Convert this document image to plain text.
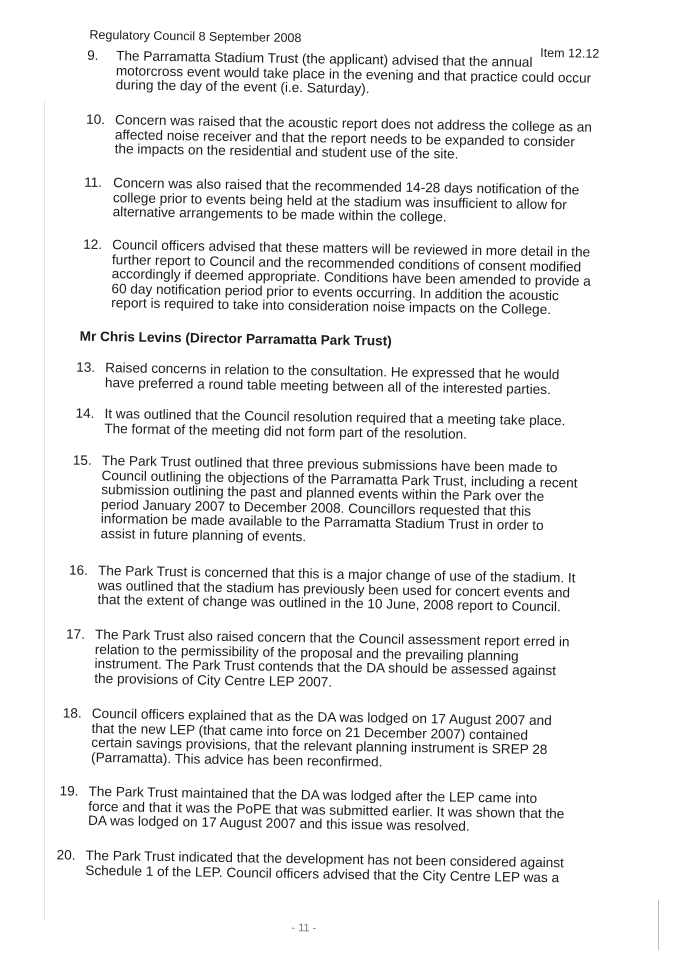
Regulatory Council 8 September 2008
Item 12.12
9.	The Parramatta Stadium Trust (the applicant) advised that the annual motorcross event would take place in the evening and that practice could occur during the day of the event (i.e. Saturday).
10. Concern was raised that the acoustic report does not address the college as an affected noise receiver and that the report needs to be expanded to consider the impacts on the residential and student use of the site.
11. Concern was also raised that the recommended 14-28 days notification of the college prior to events being held at the stadium was insufficient to allow for alternative arrangements to be made within the college.
12. Council officers advised that these matters will be reviewed in more detail in the further report to Council and the recommended conditions of consent modified accordingly if deemed appropriate. Conditions have been amended to provide a 60 day notification period prior to events occurring. In addition the acoustic report is required to take into consideration noise impacts on the College.
Mr Chris Levins (Director Parramatta Park Trust)
13. Raised concerns in relation to the consultation. He expressed that he would have preferred a round table meeting between all of the interested parties.
14. It was outlined that the Council resolution required that a meeting take place. The format of the meeting did not form part of the resolution.
15. The Park Trust outlined that three previous submissions have been made to Council outlining the objections of the Parramatta Park Trust, including a recent submission outlining the past and planned events within the Park over the period January 2007 to December 2008. Councillors requested that this information be made available to the Parramatta Stadium Trust in order to assist in future planning of events.
16. The Park Trust is concerned that this is a major change of use of the stadium. It was outlined that the stadium has previously been used for concert events and that the extent of change was outlined in the 10 June, 2008 report to Council.
17. The Park Trust also raised concern that the Council assessment report erred in relation to the permissibility of the proposal and the prevailing planning instrument. The Park Trust contends that the DA should be assessed against the provisions of City Centre LEP 2007.
18. Council officers explained that as the DA was lodged on 17 August 2007 and that the new LEP (that came into force on 21 December 2007) contained certain savings provisions, that the relevant planning instrument is SREP 28 (Parramatta). This advice has been reconfirmed.
19. The Park Trust maintained that the DA was lodged after the LEP came into force and that it was the PoPE that was submitted earlier. It was shown that the DA was lodged on 17 August 2007 and this issue was resolved.
20. The Park Trust indicated that the development has not been considered against Schedule 1 of the LEP. Council officers advised that the City Centre LEP was a
- 11 -
